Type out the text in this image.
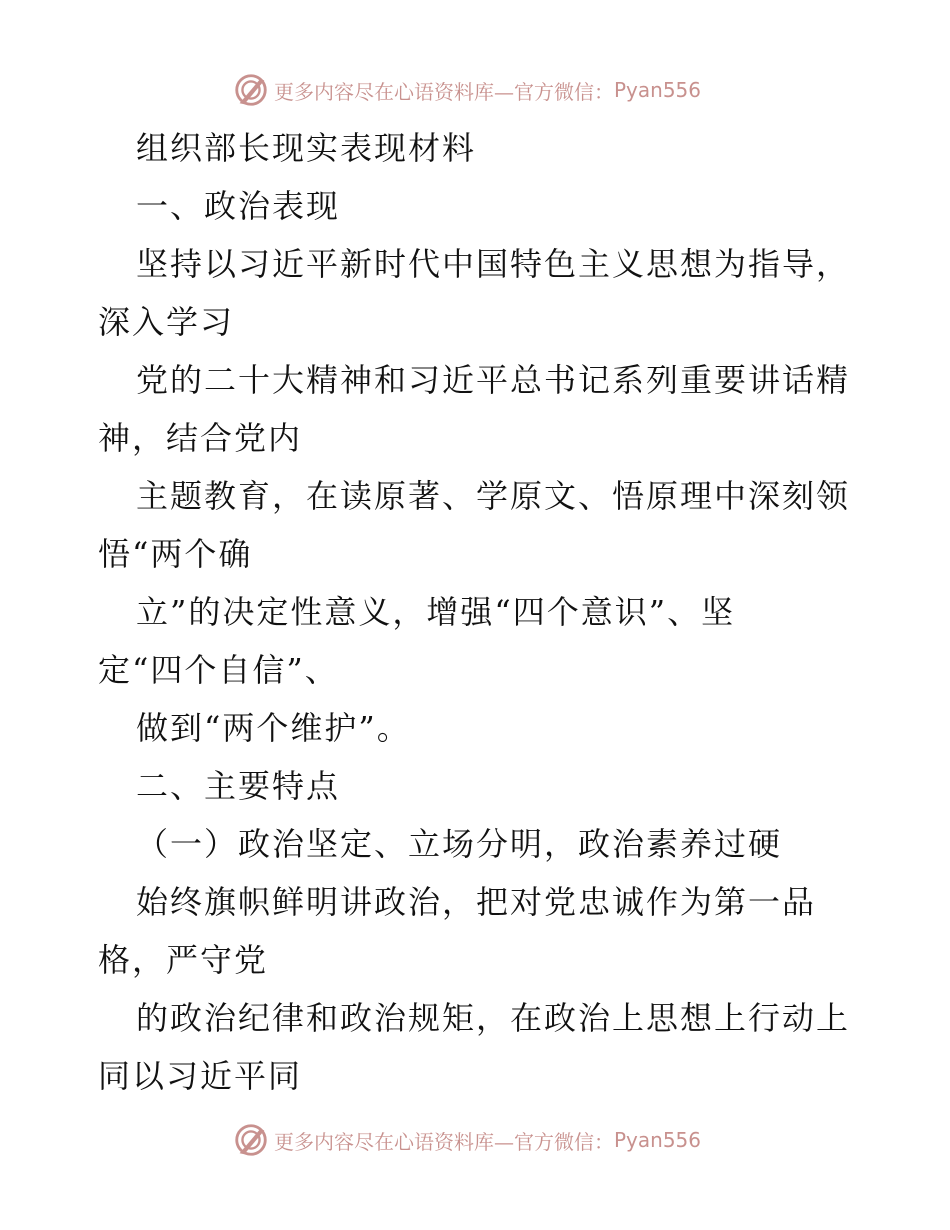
更多内容尽在心语资料库—官方微信： Pyan556
组织部长现实表现材料
一、政治表现
坚持以习近平新时代中国特色主义思想为指导，
深入学习
党的二十大精神和习近平总书记系列重要讲话精
神，结合党内
主题教育，在读原著、学原文、悟原理中深刻领
悟“两个确
立”的决定性意义，增强“四个意识”、坚
定“四个自信”、
做到“两个维护”。
二、主要特点
（一）政治坚定、立场分明，政治素养过硬
始终旗帜鲜明讲政治，把对党忠诚作为第一品
格，严守党
的政治纪律和政治规矩，在政治上思想上行动上
同以习近平同
更多内容尽在心语资料库—官方微信： Pyan556
